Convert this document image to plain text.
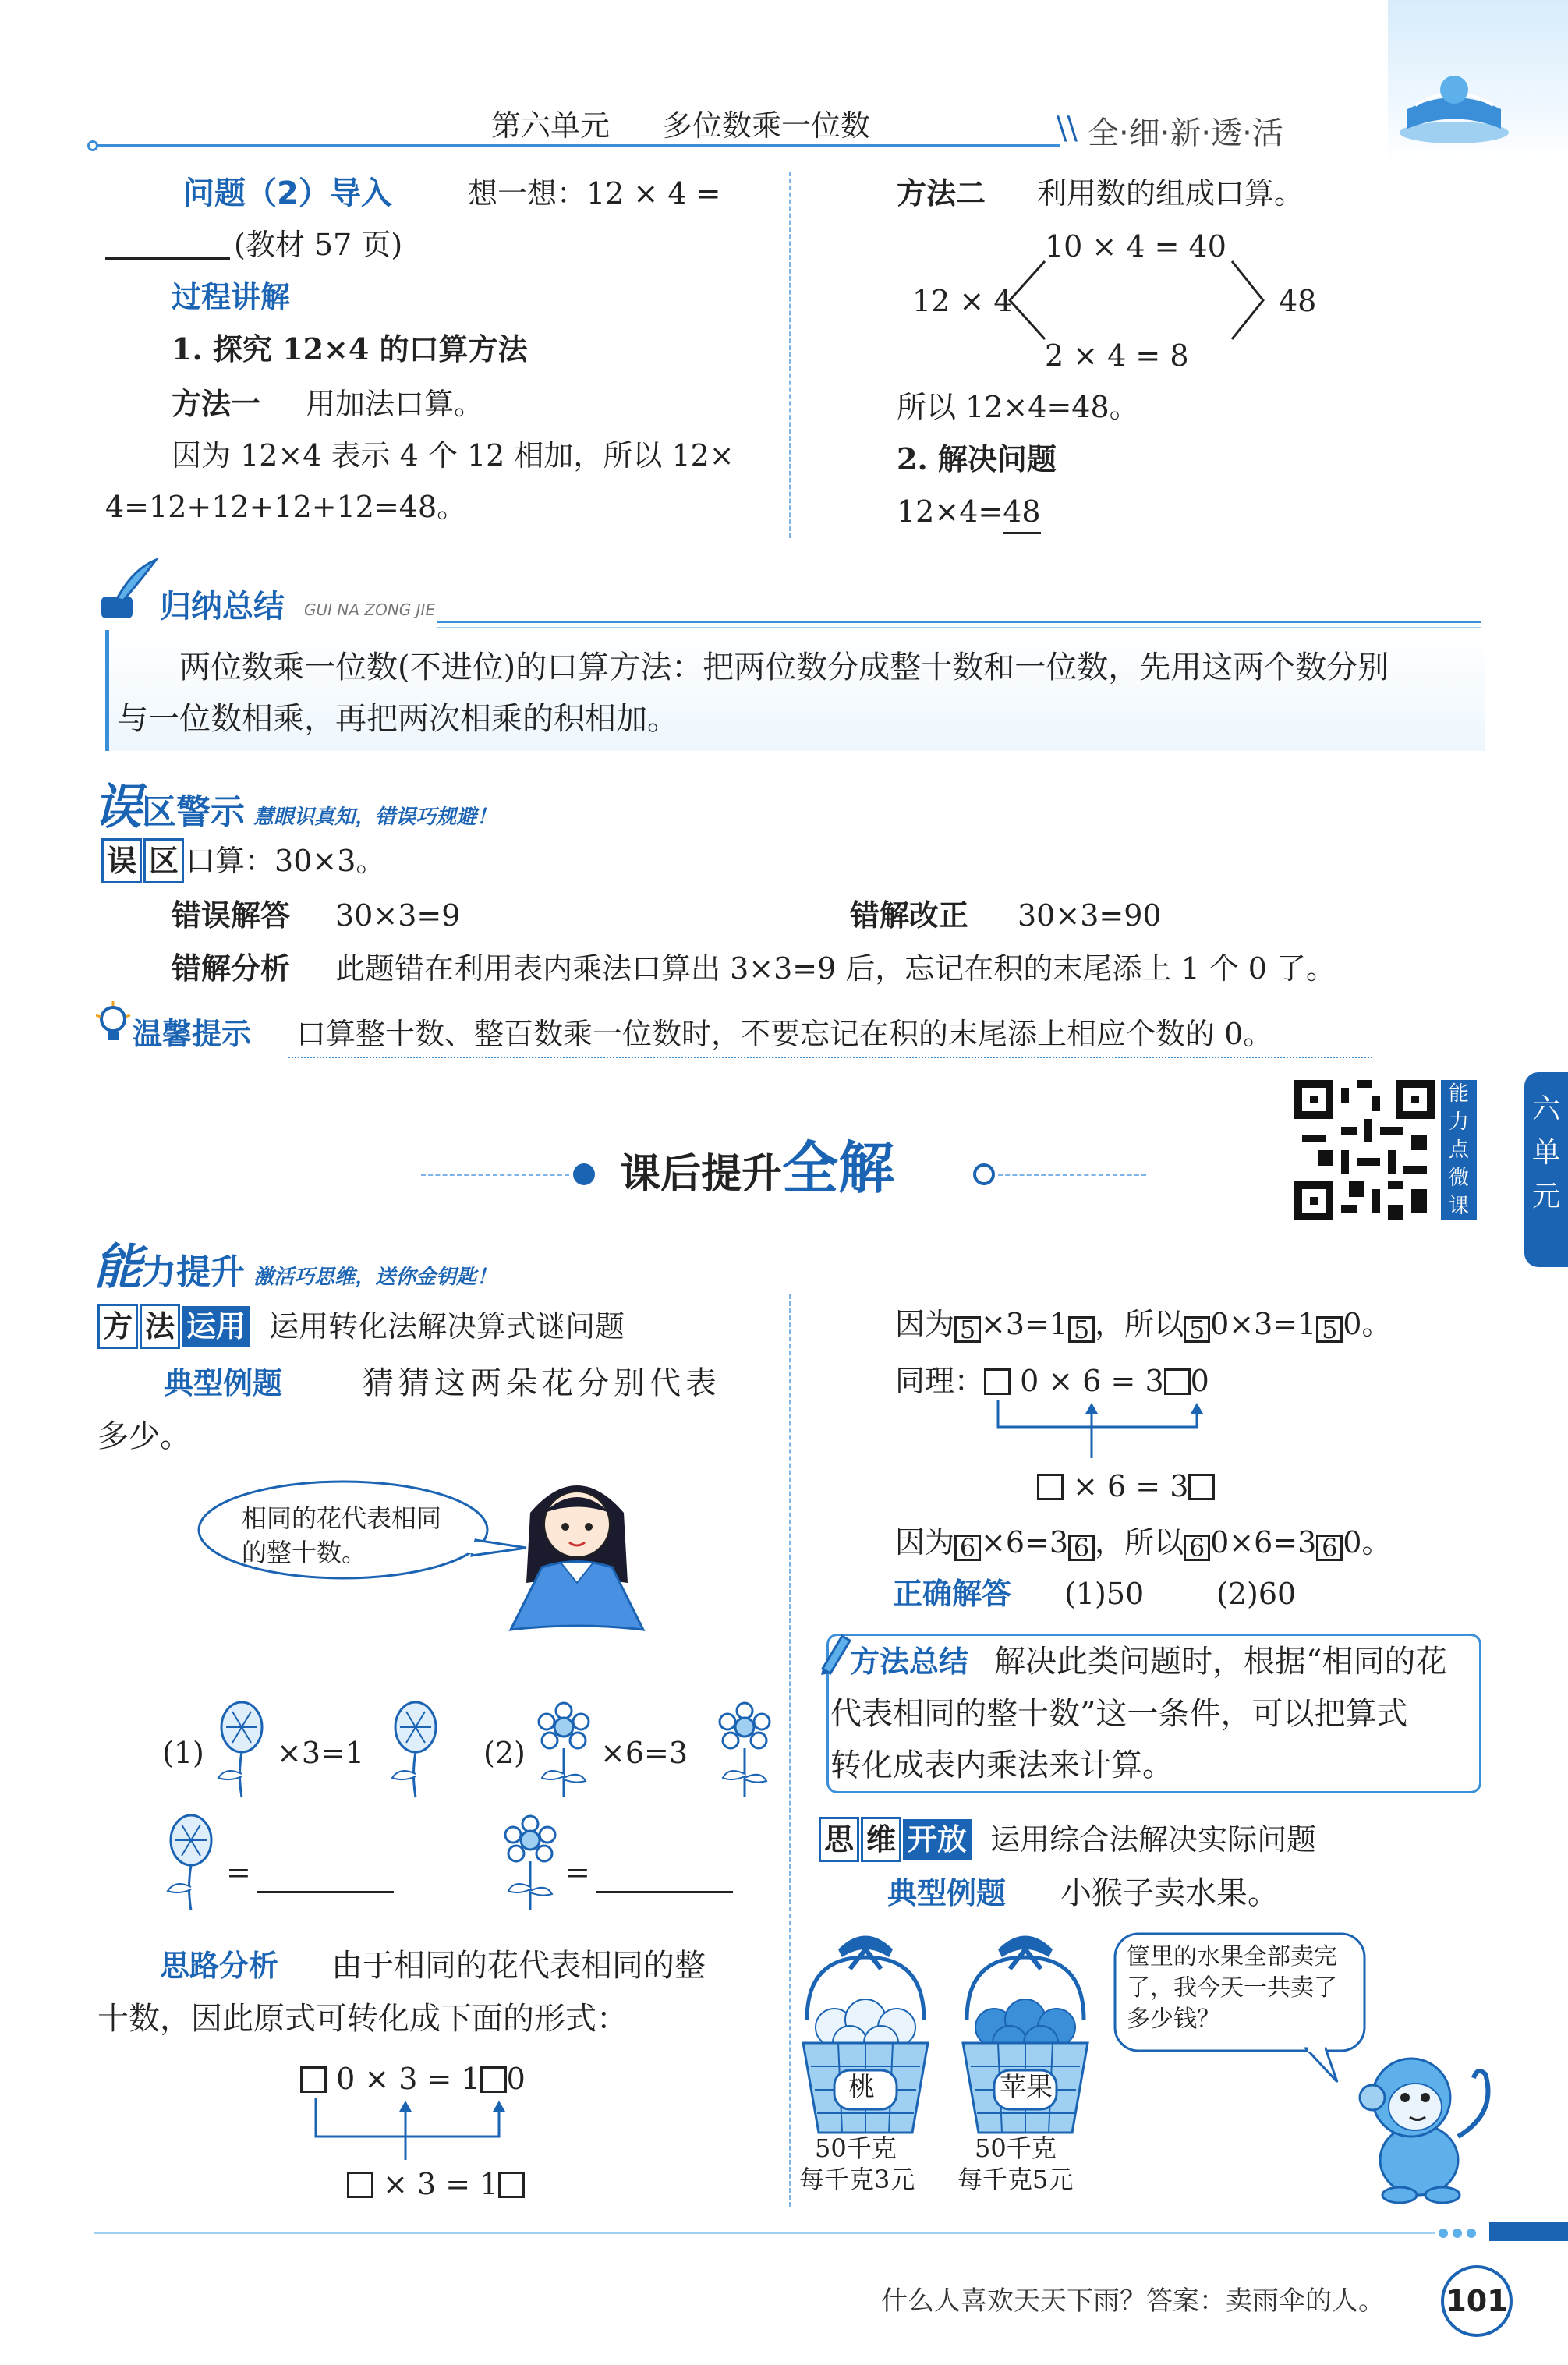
第六单元 多位数乘一位数	全·细·新·透·活
\\
问题（2）导入	想一想：12 × 4 =
(教材 57 页)
过程讲解
1. 探究 12×4 的口算方法
方法一 用加法口算。
因为 12×4 表示 4 个 12 相加，所以 12×
4=12+12+12+12=48。
方法二 利用数的组成口算。
10 × 4 = 40
12 × 4	48
2 × 4 = 8
所以 12×4=48。
2. 解决问题
12×4=48
归纳总结 GUI NA ZONG JIE
两位数乘一位数(不进位)的口算方法：把两位数分成整十数和一位数，先用这两个数分别
与一位数相乘，再把两次相乘的积相加。
误区警示 慧眼识真知，错误巧规避！
误 区 口算：30×3。
错误解答 30×3=9	错解改正 30×3=90
错解分析 此题错在利用表内乘法口算出 3×3=9 后，忘记在积的末尾添上 1 个 0 了。
温馨提示 口算整十数、整百数乘一位数时，不要忘记在积的末尾添上相应个数的 0。
课后提升全解
能
力
点
微
课
六
单
元
能力提升 激活巧思维，送你金钥匙！
方 法 运用 运用转化法解决算式谜问题
典型例题	猜猜这两朵花分别代表
多少。
相同的花代表相同的整十数。
(1) ×3=1	(2)	×6=3
=	=
思路分析 由于相同的花代表相同的整
十数，因此原式可转化成下面的形式：
0 × 3 = 1 0
× 3 = 1
因为 5 ×3=1 5 ，所以 5 0×3=1 5 0。
同理： 0 × 6 = 3 0
× 6 = 3
因为 6 ×6=3 6 ，所以 6 0×6=3 6 0。
正确解答 (1)50 (2)60
方法总结 解决此类问题时，根据“相同的花
代表相同的整十数”这一条件，可以把算式
转化成表内乘法来计算。
思 维 开放 运用综合法解决实际问题
典型例题 小猴子卖水果。
桃
50千克
每千克3元
苹果
50千克
每千克5元
筐里的水果全部卖完了，我今天一共卖了多少钱？
什么人喜欢天天下雨？答案：卖雨伞的人。 101
